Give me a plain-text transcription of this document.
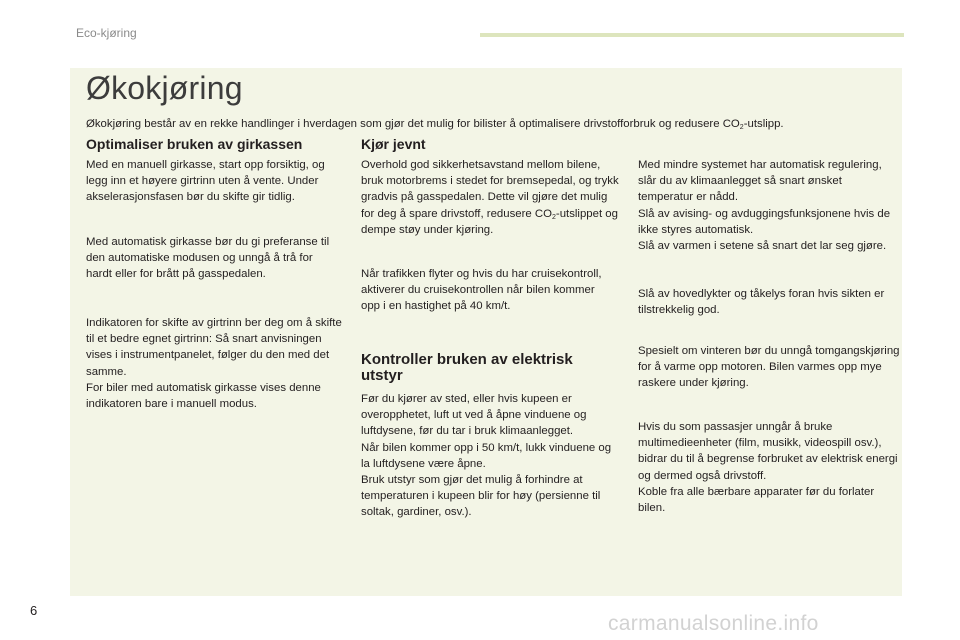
Eco-kjøring
Økokjøring
Økokjøring består av en rekke handlinger i hverdagen som gjør det mulig for bilister å optimalisere drivstofforbruk og redusere $CO_2$-utslipp.
Optimaliser bruken av girkassen

Med en manuell girkasse, start opp forsiktig, og legg inn et høyere girtrinn uten å vente. Under akselerasjonsfasen bør du skifte gir tidlig.

Med automatisk girkasse bør du gi preferanse til den automatiske modusen og unngå å trå for hardt eller for brått på gasspedalen.

Indikatoren for skifte av girtrinn ber deg om å skifte til et bedre egnet girtrinn: Så snart anvisningen vises i instrumentpanelet, følger du den med det samme.

For biler med automatisk girkasse vises denne indikatoren bare i manuell modus.

Kjør jevnt

Overhold god sikkerhetsavstand mellom bilene, bruk motorbrems i stedet for bremsepedal, og trykk gradvis på gasspedalen. Dette vil gjøre det mulig for deg å spare drivstoff, redusere $CO_2$-utslippet og dempe støy under kjøring.

Når trafikken flyter og hvis du har cruisekontroll, aktiverer du cruisekontrollen når bilen kommer opp i en hastighet på 40 km/t.

Kontroller bruken av elektrisk utstyr

Før du kjører av sted, eller hvis kupeen er overopphetet, luft ut ved å åpne vinduene og luftdysene, før du tar i bruk klimaanlegget.

Når bilen kommer opp i 50 km/t, lukk vinduene og la luftdysene være åpne.

Bruk utstyr som gjør det mulig å forhindre at temperaturen i kupeen blir for høy (persienne til soltak, gardiner, osv.).

Med mindre systemet har automatisk regulering, slår du av klimaanlegget så snart ønsket temperatur er nådd.

Slå av avising- og avduggingsfunksjonene hvis de ikke styres automatisk.

Slå av varmen i setene så snart det lar seg gjøre.

Slå av hovedlykter og tåkelys foran hvis sikten er tilstrekkelig god.

Spesielt om vinteren bør du unngå tomgangskjøring for å varme opp motoren. Bilen varmes opp mye raskere under kjøring.

Hvis du som passasjer unngår å bruke multimedieenheter (film, musikk, videospill osv.), bidrar du til å begrense forbruket av elektrisk energi og dermed også drivstoff.

Koble fra alle bærbare apparater før du forlater bilen.

6
carmanualsonline.info
